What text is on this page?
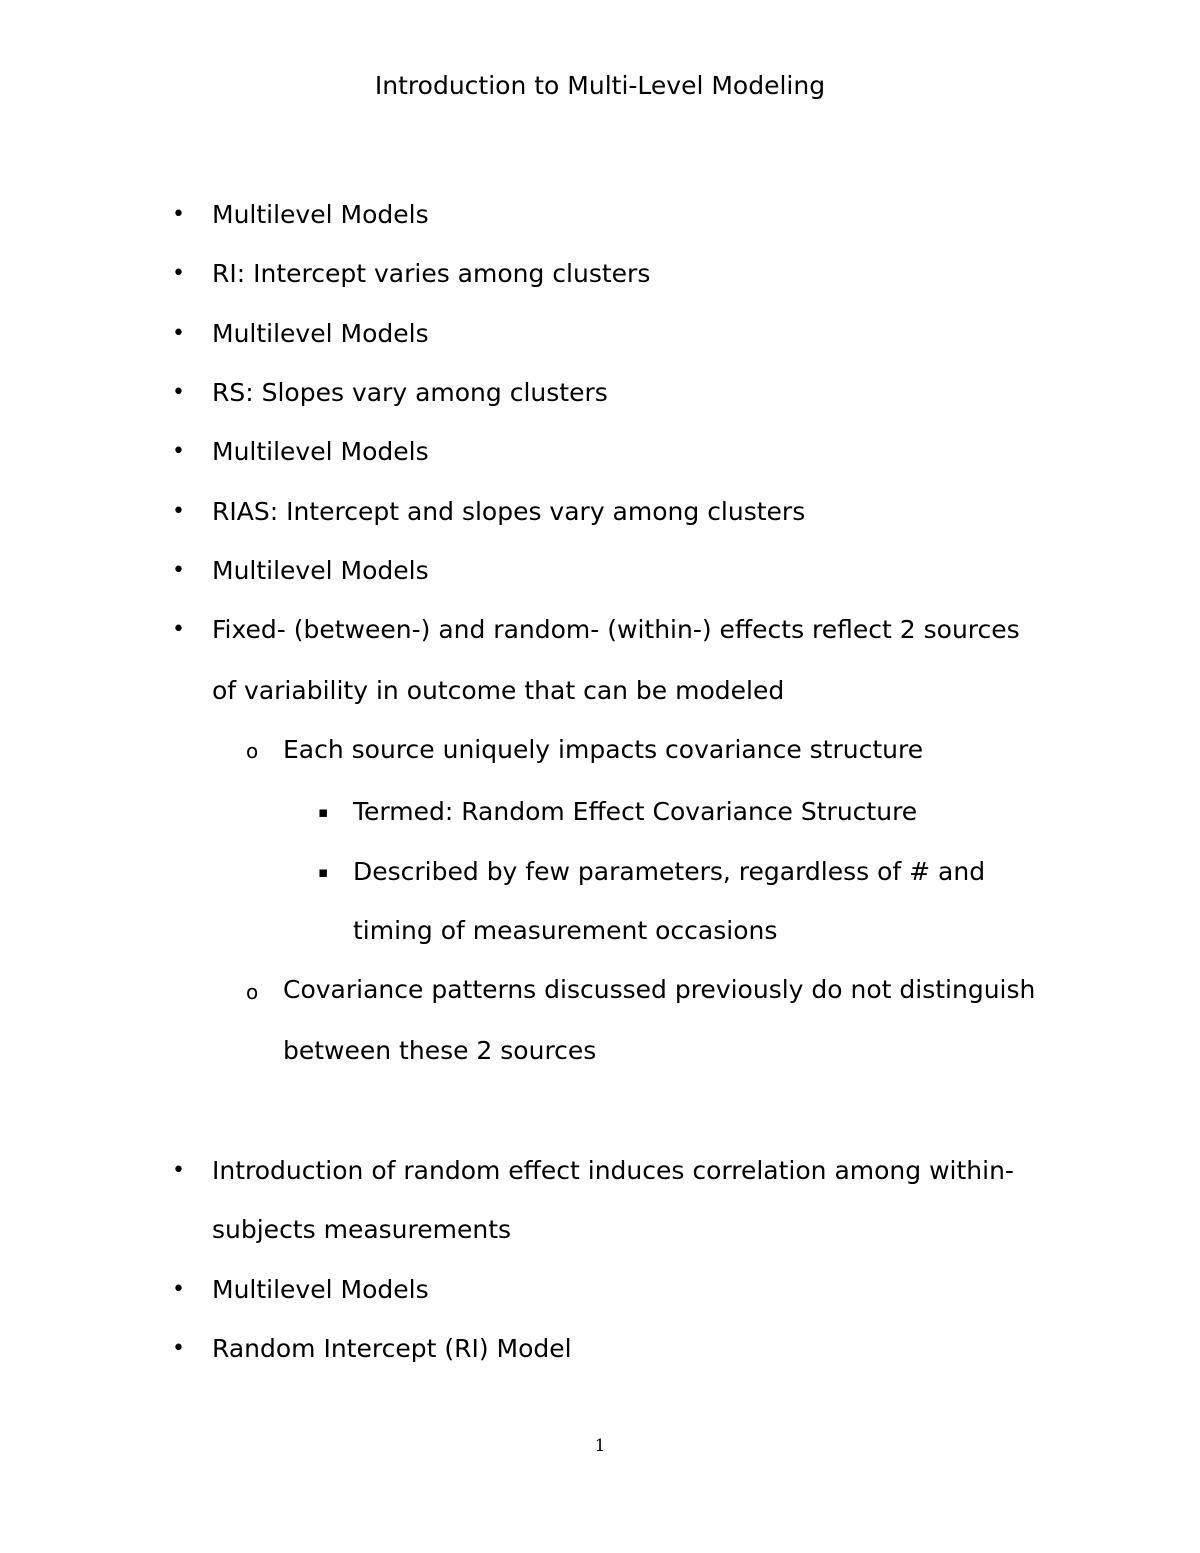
Introduction to Multi-Level Modeling
• Multilevel Models
• RI: Intercept varies among clusters
• Multilevel Models
• RS: Slopes vary among clusters
• Multilevel Models
• RIAS: Intercept and slopes vary among clusters
• Multilevel Models
• Fixed- (between-) and random- (within-) effects reflect 2 sources
of variability in outcome that can be modeled
o Each source uniquely impacts covariance structure
▪ Termed: Random Effect Covariance Structure
▪ Described by few parameters, regardless of # and
timing of measurement occasions
o Covariance patterns discussed previously do not distinguish
between these 2 sources
• Introduction of random effect induces correlation among within-
subjects measurements
• Multilevel Models
• Random Intercept (RI) Model
1
